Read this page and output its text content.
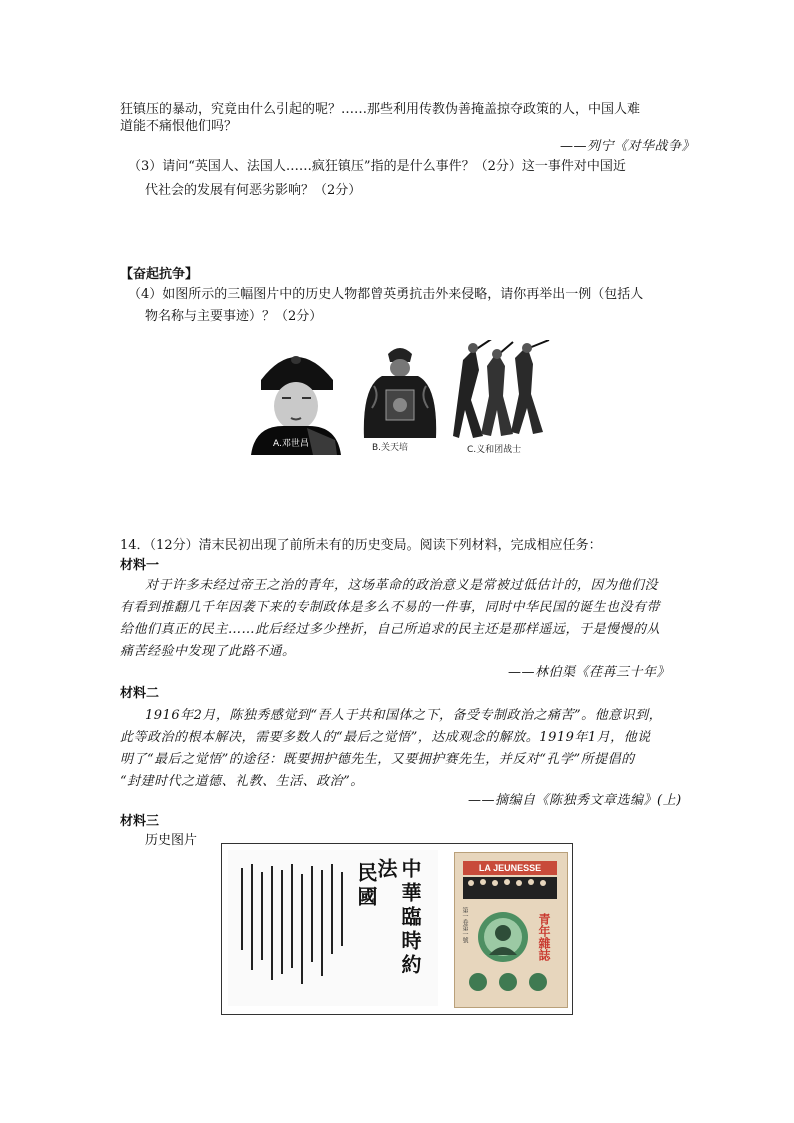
狂镇压的暴动，究竟由什么引起的呢？……那些利用传教伪善掩盖掠夺政策的人，中国人难
道能不痛恨他们吗？
——列宁《对华战争》
（3）请问“英国人、法国人……疯狂镇压”指的是什么事件？（2分）这一事件对中国近
代社会的发展有何恶劣影响？（2分）
【奋起抗争】
（4）如图所示的三幅图片中的历史人物都曾英勇抗击外来侵略，请你再举出一例（包括人
物名称与主要事迹）？（2分）
A.邓世昌	B.关天培	C.义和团战士
14．（12分）清末民初出现了前所未有的历史变局。阅读下列材料，完成相应任务：
材料一
对于许多未经过帝王之治的青年，这场革命的政治意义是常被过低估计的，因为他们没
有看到推翻几千年因袭下来的专制政体是多么不易的一件事，同时中华民国的诞生也没有带
给他们真正的民主……此后经过多少挫折，自己所追求的民主还是那样遥远，于是慢慢的从
痛苦经验中发现了此路不通。
——林伯渠《荏苒三十年》
材料二
1916年2月，陈独秀感觉到“吾人于共和国体之下，备受专制政治之痛苦”。他意识到，
此等政治的根本解决，需要多数人的“最后之觉悟”，达成观念的解放。1919年1月，他说
明了“最后之觉悟”的途径：既要拥护德先生，又要拥护赛先生，并反对“孔学”所提倡的
“封建时代之道德、礼教、生活、政治”。
——摘编自《陈独秀文章选编》(上)
材料三
历史图片
中華臨時約法
民國
LA JEUNESSE
第一卷第一號	青年雜誌
